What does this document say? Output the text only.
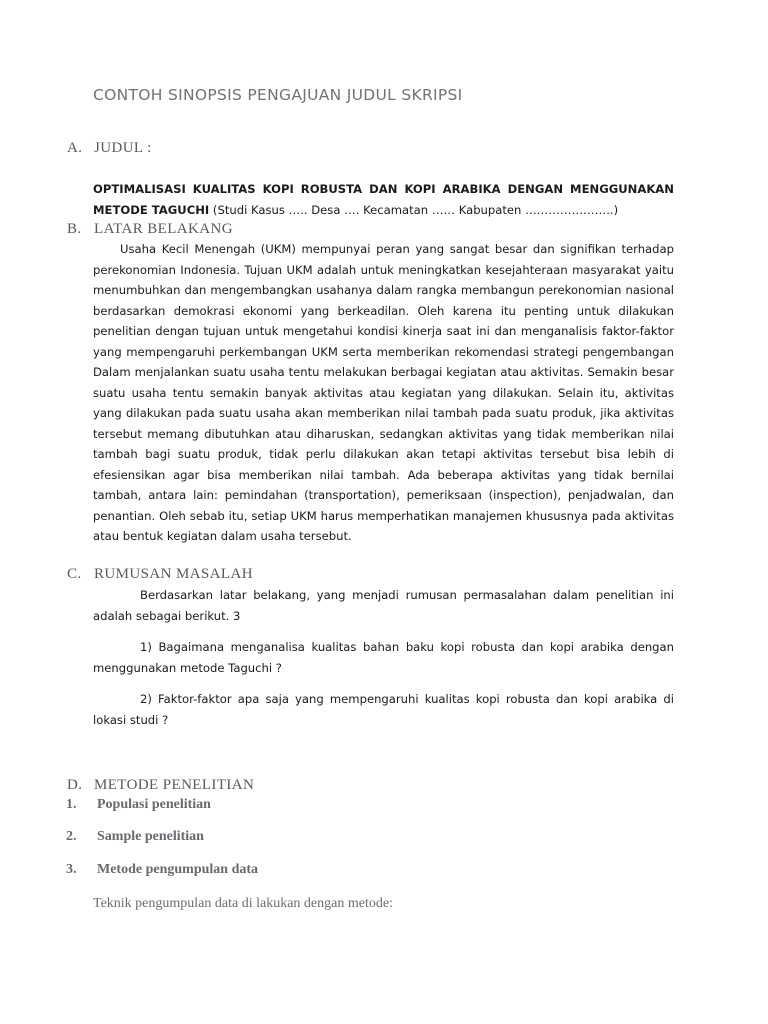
CONTOH SINOPSIS PENGAJUAN JUDUL SKRIPSI
A. JUDUL :

OPTIMALISASI KUALITAS KOPI ROBUSTA DAN KOPI ARABIKA DENGAN MENGGUNAKAN METODE TAGUCHI (Studi Kasus ….. Desa …. Kecamatan …… Kabupaten …………………..)

B. LATAR BELAKANG

Usaha Kecil Menengah (UKM) mempunyai peran yang sangat besar dan signifikan terhadap perekonomian Indonesia. Tujuan UKM adalah untuk meningkatkan kesejahteraan masyarakat yaitu menumbuhkan dan mengembangkan usahanya dalam rangka membangun perekonomian nasional berdasarkan demokrasi ekonomi yang berkeadilan. Oleh karena itu penting untuk dilakukan penelitian dengan tujuan untuk mengetahui kondisi kinerja saat ini dan menganalisis faktor-faktor yang mempengaruhi perkembangan UKM serta memberikan rekomendasi strategi pengembangan Dalam menjalankan suatu usaha tentu melakukan berbagai kegiatan atau aktivitas. Semakin besar suatu usaha tentu semakin banyak aktivitas atau kegiatan yang dilakukan. Selain itu, aktivitas yang dilakukan pada suatu usaha akan memberikan nilai tambah pada suatu produk, jika aktivitas tersebut memang dibutuhkan atau diharuskan, sedangkan aktivitas yang tidak memberikan nilai tambah bagi suatu produk, tidak perlu dilakukan akan tetapi aktivitas tersebut bisa lebih di efesiensikan agar bisa memberikan nilai tambah. Ada beberapa aktivitas yang tidak bernilai tambah, antara lain: pemindahan (transportation), pemeriksaan (inspection), penjadwalan, dan penantian. Oleh sebab itu, setiap UKM harus memperhatikan manajemen khususnya pada aktivitas atau bentuk kegiatan dalam usaha tersebut.

C. RUMUSAN MASALAH

Berdasarkan latar belakang, yang menjadi rumusan permasalahan dalam penelitian ini adalah sebagai berikut. 3

1) Bagaimana menganalisa kualitas bahan baku kopi robusta dan kopi arabika dengan menggunakan metode Taguchi ?

2) Faktor-faktor apa saja yang mempengaruhi kualitas kopi robusta dan kopi arabika di lokasi studi ?

D. METODE PENELITIAN
1. Populasi penelitian
2. Sample penelitian
3. Metode pengumpulan data
Teknik pengumpulan data di lakukan dengan metode:
